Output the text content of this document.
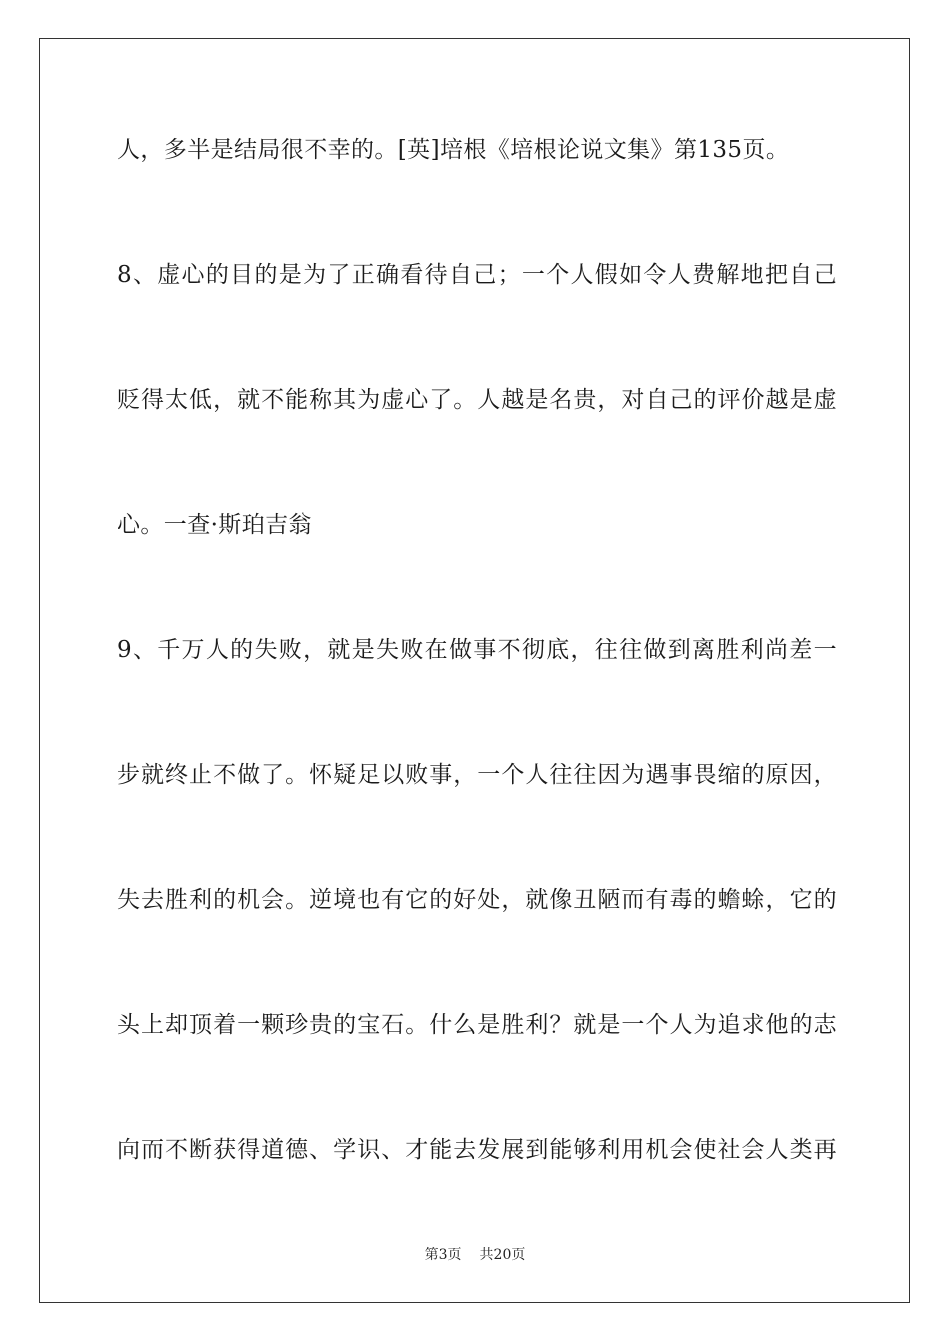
人，多半是结局很不幸的。[英]培根《培根论说文集》第135页。
8、虚心的目的是为了正确看待自己；一个人假如令人费解地把自己
贬得太低，就不能称其为虚心了。人越是名贵，对自己的评价越是虚
心。一查·斯珀吉翁
9、千万人的失败，就是失败在做事不彻底，往往做到离胜利尚差一
步就终止不做了。怀疑足以败事，一个人往往因为遇事畏缩的原因，
失去胜利的机会。逆境也有它的好处，就像丑陋而有毒的蟾蜍，它的
头上却顶着一颗珍贵的宝石。什么是胜利？就是一个人为追求他的志
向而不断获得道德、学识、才能去发展到能够利用机会使社会人类再
第3页 共20页
